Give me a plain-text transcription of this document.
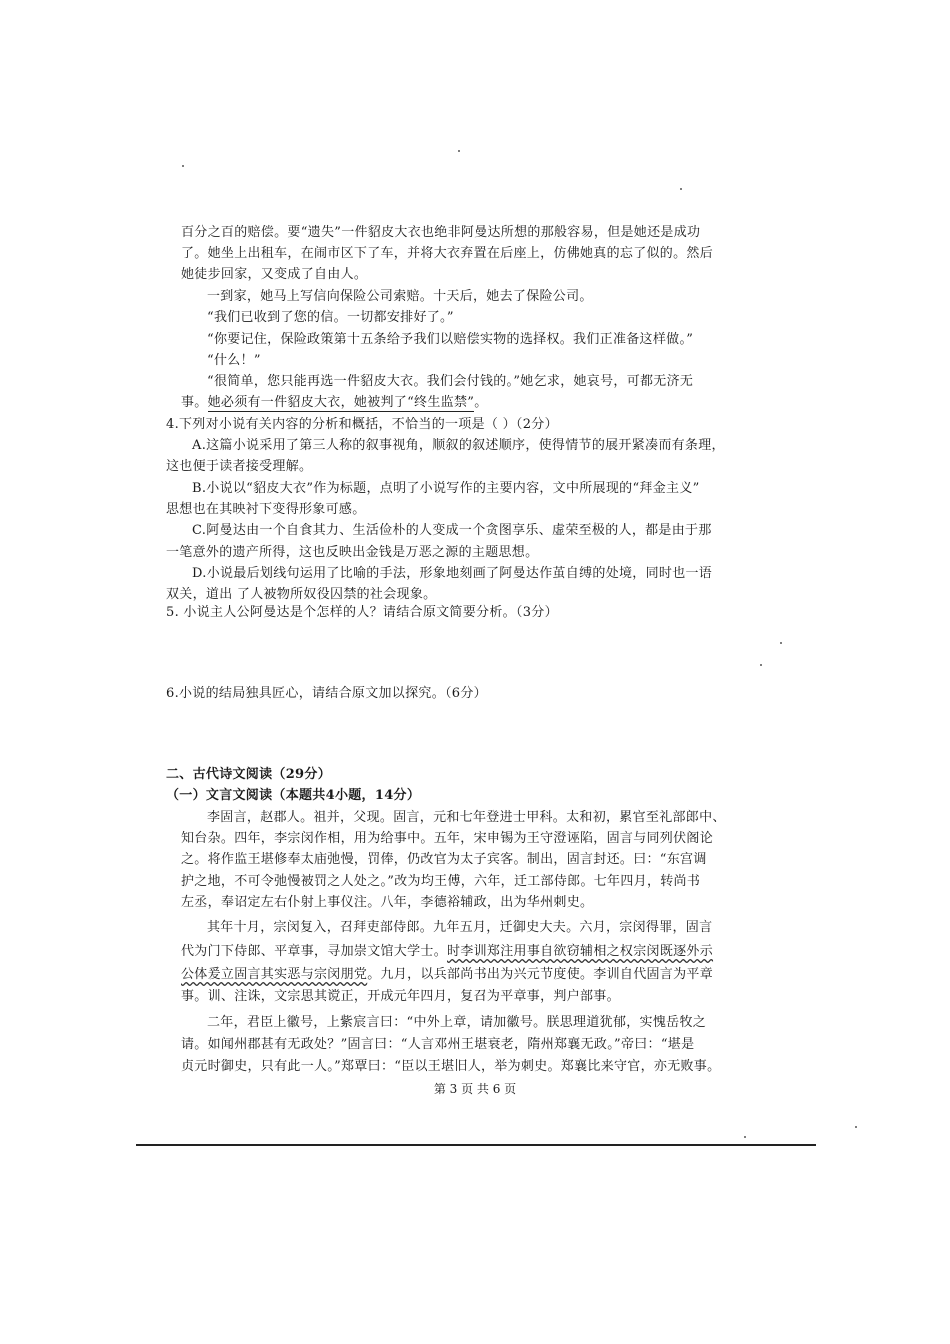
百分之百的赔偿。要“遗失”一件貂皮大衣也绝非阿曼达所想的那般容易，但是她还是成功
了。她坐上出租车，在闹市区下了车，并将大衣弃置在后座上，仿佛她真的忘了似的。然后
她徒步回家，又变成了自由人。
一到家，她马上写信向保险公司索赔。十天后，她去了保险公司。
“我们已收到了您的信。一切都安排好了。”
“你要记住，保险政策第十五条给予我们以赔偿实物的选择权。我们正准备这样做。”
“什么！”
“很简单，您只能再选一件貂皮大衣。我们会付钱的。”她乞求，她哀号，可都无济无
事。她必须有一件貂皮大衣，她被判了“终生监禁”。
4.下列对小说有关内容的分析和概括，不恰当的一项是（ ）（2分）
A.这篇小说采用了第三人称的叙事视角，顺叙的叙述顺序，使得情节的展开紧凑而有条理，
这也便于读者接受理解。
B.小说以“貂皮大衣”作为标题，点明了小说写作的主要内容，文中所展现的“拜金主义”
思想也在其映衬下变得形象可感。
C.阿曼达由一个自食其力、生活俭朴的人变成一个贪图享乐、虚荣至极的人，都是由于那
一笔意外的遗产所得，这也反映出金钱是万恶之源的主题思想。
D.小说最后划线句运用了比喻的手法，形象地刻画了阿曼达作茧自缚的处境，同时也一语
双关，道出 了人被物所奴役囚禁的社会现象。
5. 小说主人公阿曼达是个怎样的人？请结合原文简要分析。（3分）
6.小说的结局独具匠心，请结合原文加以探究。（6分）
二、古代诗文阅读（29分）
（一）文言文阅读（本题共4小题，14分）
李固言，赵郡人。祖并，父现。固言，元和七年登进士甲科。太和初，累官至礼部郎中、
知台杂。四年，李宗闵作相，用为给事中。五年，宋申锡为王守澄诬陷，固言与同列伏阁论
之。将作监王堪修奉太庙弛慢，罚俸，仍改官为太子宾客。制出，固言封还。曰：“东宫调
护之地，不可令弛慢被罚之人处之。”改为均王傅，六年，迁工部侍郎。七年四月，转尚书
左丞，奉诏定左右仆射上事仪注。八年，李德裕辅政，出为华州刺史。
其年十月，宗闵复入，召拜吏部侍郎。九年五月，迁御史大夫。六月，宗闵得罪，固言
代为门下侍郎、平章事，寻加崇文馆大学士。时李训郑注用事自欲窃辅相之权宗闵既逐外示
公体爰立固言其实恶与宗闵朋党。九月，以兵部尚书出为兴元节度使。李训自代固言为平章
事。训、注诛，文宗思其谠正，开成元年四月，复召为平章事，判户部事。
二年，君臣上徽号，上紫宸言曰：“中外上章，请加徽号。朕思理道犹郁，实愧岳牧之
请。如闻州郡甚有无政处？”固言曰：“人言邓州王堪衰老，隋州郑襄无政。”帝曰：“堪是
贞元时御史，只有此一人。”郑覃曰：“臣以王堪旧人，举为刺史。郑襄比来守官，亦无败事。
第 3 页 共 6 页
